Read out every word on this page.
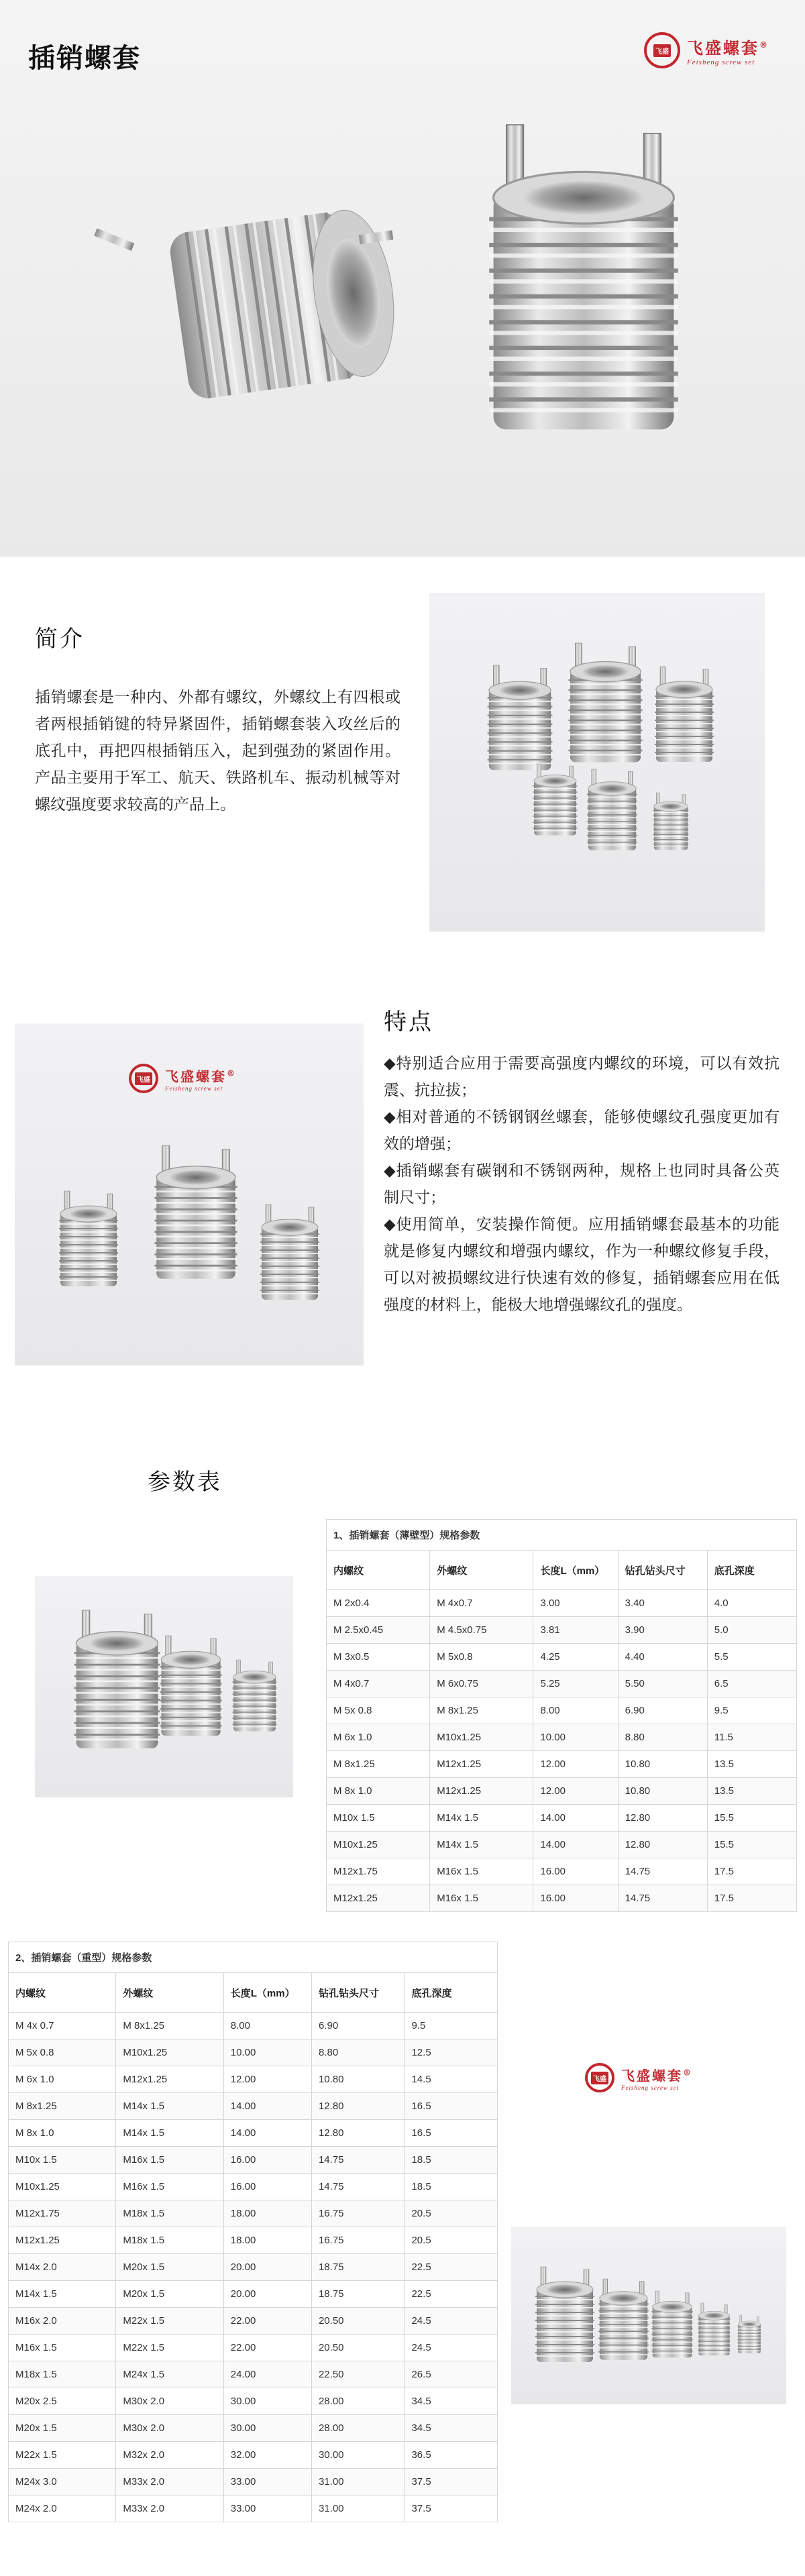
插销螺套	飞盛 飞盛螺套®
Feisheng screw set
简介
插销螺套是一种内、外都有螺纹，外螺纹上有四根或者两根插销键的特异紧固件，插销螺套装入攻丝后的底孔中，再把四根插销压入，起到强劲的紧固作用。产品主要用于军工、航天、铁路机车、振动机械等对螺纹强度要求较高的产品上。
飞盛 飞盛螺套®
Feisheng screw set
特点
◆特别适合应用于需要高强度内螺纹的环境，可以有效抗震、抗拉拔；
◆相对普通的不锈钢钢丝螺套，能够使螺纹孔强度更加有效的增强；
◆插销螺套有碳钢和不锈钢两种，规格上也同时具备公英制尺寸；
◆使用简单，安装操作简便。应用插销螺套最基本的功能就是修复内螺纹和增强内螺纹，作为一种螺纹修复手段，可以对被损螺纹进行快速有效的修复，插销螺套应用在低强度的材料上，能极大地增强螺纹孔的强度。
参数表
1、插销螺套（薄壁型）规格参数
内螺纹	外螺纹	长度L（mm）	钻孔钻头尺寸	底孔深度
M 2x0.4	M 4x0.7	3.00	3.40	4.0
M 2.5x0.45	M 4.5x0.75	3.81	3.90	5.0
M 3x0.5	M 5x0.8	4.25	4.40	5.5
M 4x0.7	M 6x0.75	5.25	5.50	6.5
M 5x 0.8	M 8x1.25	8.00	6.90	9.5
M 6x 1.0	M10x1.25	10.00	8.80	11.5
M 8x1.25	M12x1.25	12.00	10.80	13.5
M 8x 1.0	M12x1.25	12.00	10.80	13.5
M10x 1.5	M14x 1.5	14.00	12.80	15.5
M10x1.25	M14x 1.5	14.00	12.80	15.5
M12x1.75	M16x 1.5	16.00	14.75	17.5
M12x1.25	M16x 1.5	16.00	14.75	17.5
2、插销螺套（重型）规格参数
内螺纹	外螺纹	长度L（mm）	钻孔钻头尺寸	底孔深度
M 4x 0.7	M 8x1.25	8.00	6.90	9.5
M 5x 0.8	M10x1.25	10.00	8.80	12.5
M 6x 1.0	M12x1.25	12.00	10.80	14.5
M 8x1.25	M14x 1.5	14.00	12.80	16.5
M 8x 1.0	M14x 1.5	14.00	12.80	16.5
M10x 1.5	M16x 1.5	16.00	14.75	18.5
M10x1.25	M16x 1.5	16.00	14.75	18.5
M12x1.75	M18x 1.5	18.00	16.75	20.5
M12x1.25	M18x 1.5	18.00	16.75	20.5
M14x 2.0	M20x 1.5	20.00	18.75	22.5
M14x 1.5	M20x 1.5	20.00	18.75	22.5
M16x 2.0	M22x 1.5	22.00	20.50	24.5
M16x 1.5	M22x 1.5	22.00	20.50	24.5
M18x 1.5	M24x 1.5	24.00	22.50	26.5
M20x 2.5	M30x 2.0	30.00	28.00	34.5
M20x 1.5	M30x 2.0	30.00	28.00	34.5
M22x 1.5	M32x 2.0	32.00	30.00	36.5
M24x 3.0	M33x 2.0	33.00	31.00	37.5
M24x 2.0	M33x 2.0	33.00	31.00	37.5
飞盛 飞盛螺套®
Feisheng screw set
